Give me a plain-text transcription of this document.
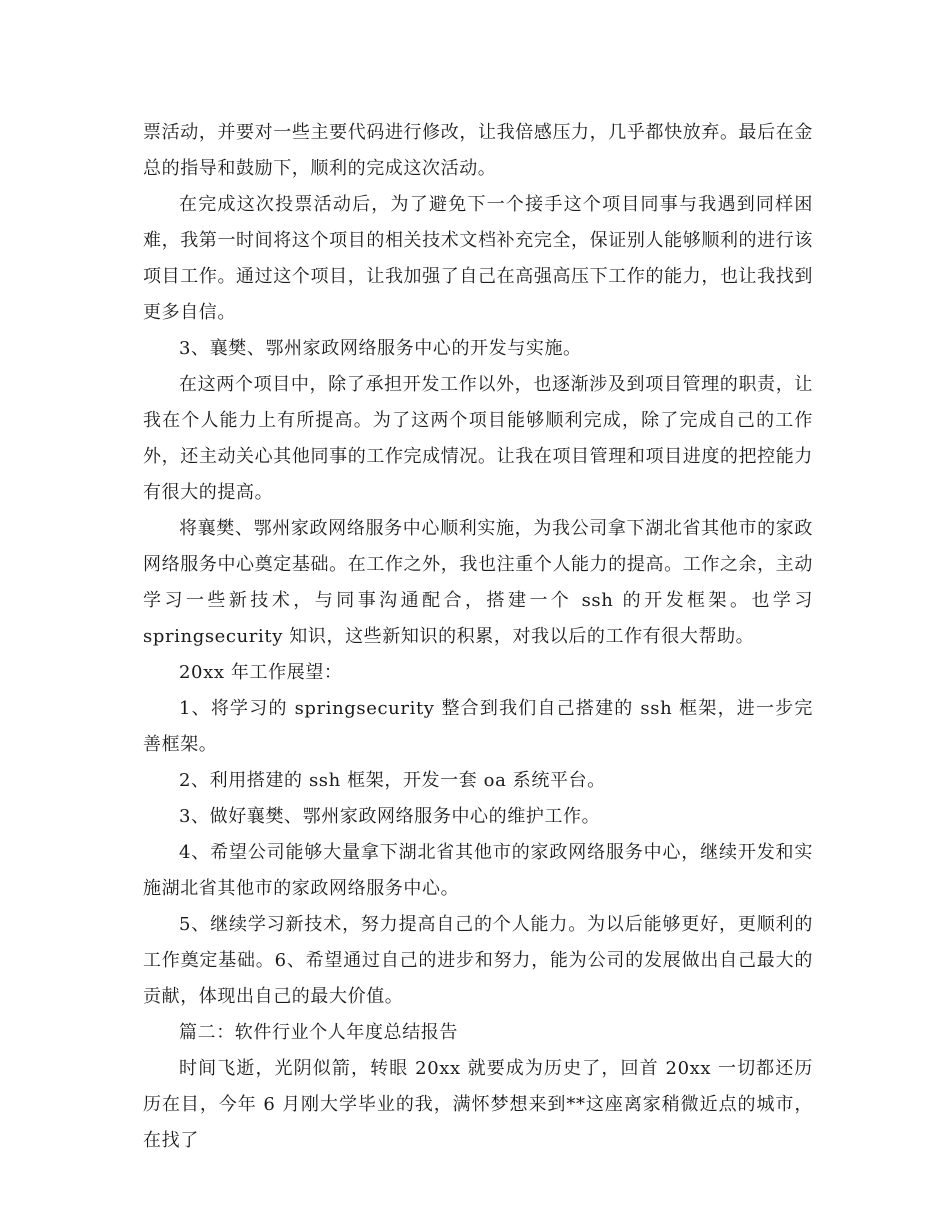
票活动，并要对一些主要代码进行修改，让我倍感压力，几乎都快放弃。最后在金总的指导和鼓励下，顺利的完成这次活动。

在完成这次投票活动后，为了避免下一个接手这个项目同事与我遇到同样困难，我第一时间将这个项目的相关技术文档补充完全，保证别人能够顺利的进行该项目工作。通过这个项目，让我加强了自己在高强高压下工作的能力，也让我找到更多自信。

3、襄樊、鄂州家政网络服务中心的开发与实施。

在这两个项目中，除了承担开发工作以外，也逐渐涉及到项目管理的职责，让我在个人能力上有所提高。为了这两个项目能够顺利完成，除了完成自己的工作外，还主动关心其他同事的工作完成情况。让我在项目管理和项目进度的把控能力有很大的提高。

将襄樊、鄂州家政网络服务中心顺利实施，为我公司拿下湖北省其他市的家政网络服务中心奠定基础。在工作之外，我也注重个人能力的提高。工作之余，主动学习一些新技术，与同事沟通配合，搭建一个 ssh 的开发框架。也学习 springsecurity 知识，这些新知识的积累，对我以后的工作有很大帮助。

20xx 年工作展望：

1、将学习的 springsecurity 整合到我们自己搭建的 ssh 框架，进一步完善框架。

2、利用搭建的 ssh 框架，开发一套 oa 系统平台。

3、做好襄樊、鄂州家政网络服务中心的维护工作。

4、希望公司能够大量拿下湖北省其他市的家政网络服务中心，继续开发和实施湖北省其他市的家政网络服务中心。

5、继续学习新技术，努力提高自己的个人能力。为以后能够更好，更顺利的工作奠定基础。6、希望通过自己的进步和努力，能为公司的发展做出自己最大的贡献，体现出自己的最大价值。

篇二：软件行业个人年度总结报告

时间飞逝，光阴似箭，转眼 20xx 就要成为历史了，回首 20xx 一切都还历历在目，今年 6 月刚大学毕业的我，满怀梦想来到**这座离家稍微近点的城市，在找了
